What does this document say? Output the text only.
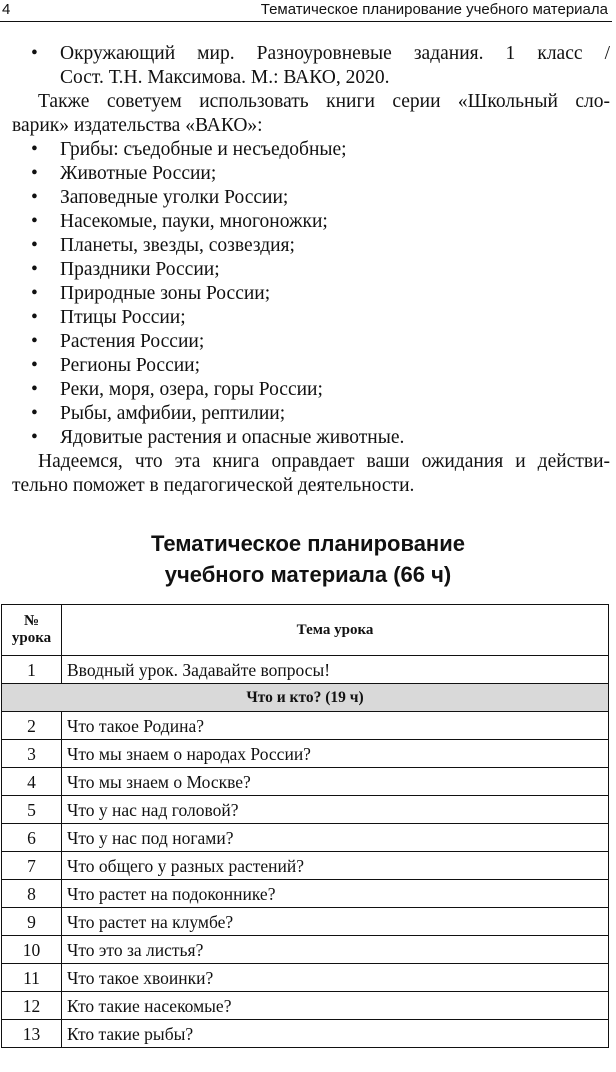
4	Тематическое планирование учебного материала
•	Окружающий мир. Разноуровневые задания. 1 класс /
Сост. Т.Н. Максимова. М.: ВАКО, 2020.
Также советуем использовать книги серии «Школьный сло-
варик» издательства «ВАКО»:
•	Грибы: съедобные и несъедобные;
•	Животные России;
•	Заповедные уголки России;
•	Насекомые, пауки, многоножки;
•	Планеты, звезды, созвездия;
•	Праздники России;
•	Природные зоны России;
•	Птицы России;
•	Растения России;
•	Регионы России;
•	Реки, моря, озера, горы России;
•	Рыбы, амфибии, рептилии;
•	Ядовитые растения и опасные животные.
Надеемся, что эта книга оправдает ваши ожидания и действи-
тельно поможет в педагогической деятельности.
Тематическое планирование
учебного материала (66 ч)
№
урока	Тема урока
1	Вводный урок. Задавайте вопросы!
Что и кто? (19 ч)	
2	Что такое Родина?
3	Что мы знаем о народах России?
4	Что мы знаем о Москве?
5	Что у нас над головой?
6	Что у нас под ногами?
7	Что общего у разных растений?
8	Что растет на подоконнике?
9	Что растет на клумбе?
10	Что это за листья?
11	Что такое хвоинки?
12	Кто такие насекомые?
13	Кто такие рыбы?
